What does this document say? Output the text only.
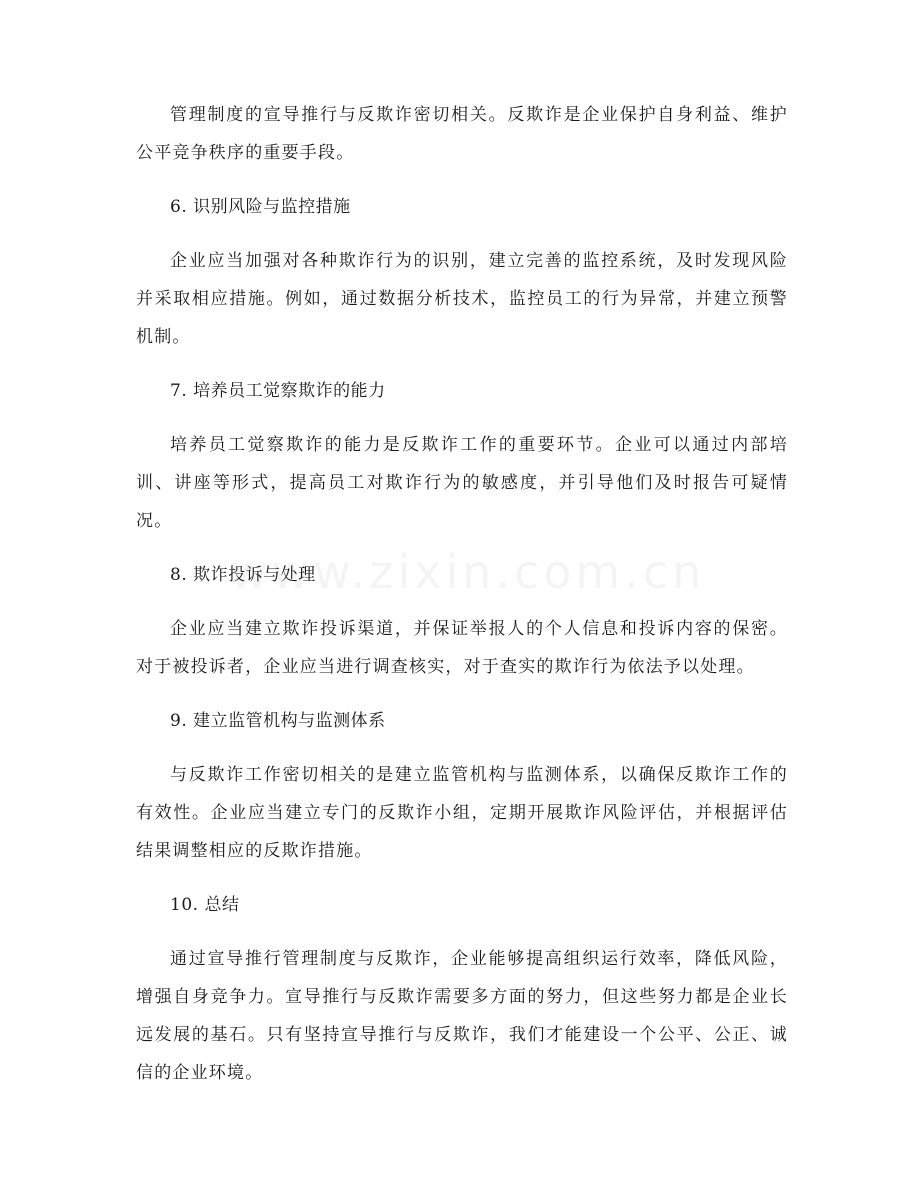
管理制度的宣导推行与反欺诈密切相关。反欺诈是企业保护自身利益、维护公平竞争秩序的重要手段。

6. 识别风险与监控措施

企业应当加强对各种欺诈行为的识别，建立完善的监控系统，及时发现风险并采取相应措施。例如，通过数据分析技术，监控员工的行为异常，并建立预警机制。

7. 培养员工觉察欺诈的能力

培养员工觉察欺诈的能力是反欺诈工作的重要环节。企业可以通过内部培训、讲座等形式，提高员工对欺诈行为的敏感度，并引导他们及时报告可疑情况。

8. 欺诈投诉与处理

企业应当建立欺诈投诉渠道，并保证举报人的个人信息和投诉内容的保密。对于被投诉者，企业应当进行调查核实，对于查实的欺诈行为依法予以处理。

9. 建立监管机构与监测体系

与反欺诈工作密切相关的是建立监管机构与监测体系，以确保反欺诈工作的有效性。企业应当建立专门的反欺诈小组，定期开展欺诈风险评估，并根据评估结果调整相应的反欺诈措施。

10. 总结

通过宣导推行管理制度与反欺诈，企业能够提高组织运行效率，降低风险，增强自身竞争力。宣导推行与反欺诈需要多方面的努力，但这些努力都是企业长远发展的基石。只有坚持宣导推行与反欺诈，我们才能建设一个公平、公正、诚信的企业环境。
